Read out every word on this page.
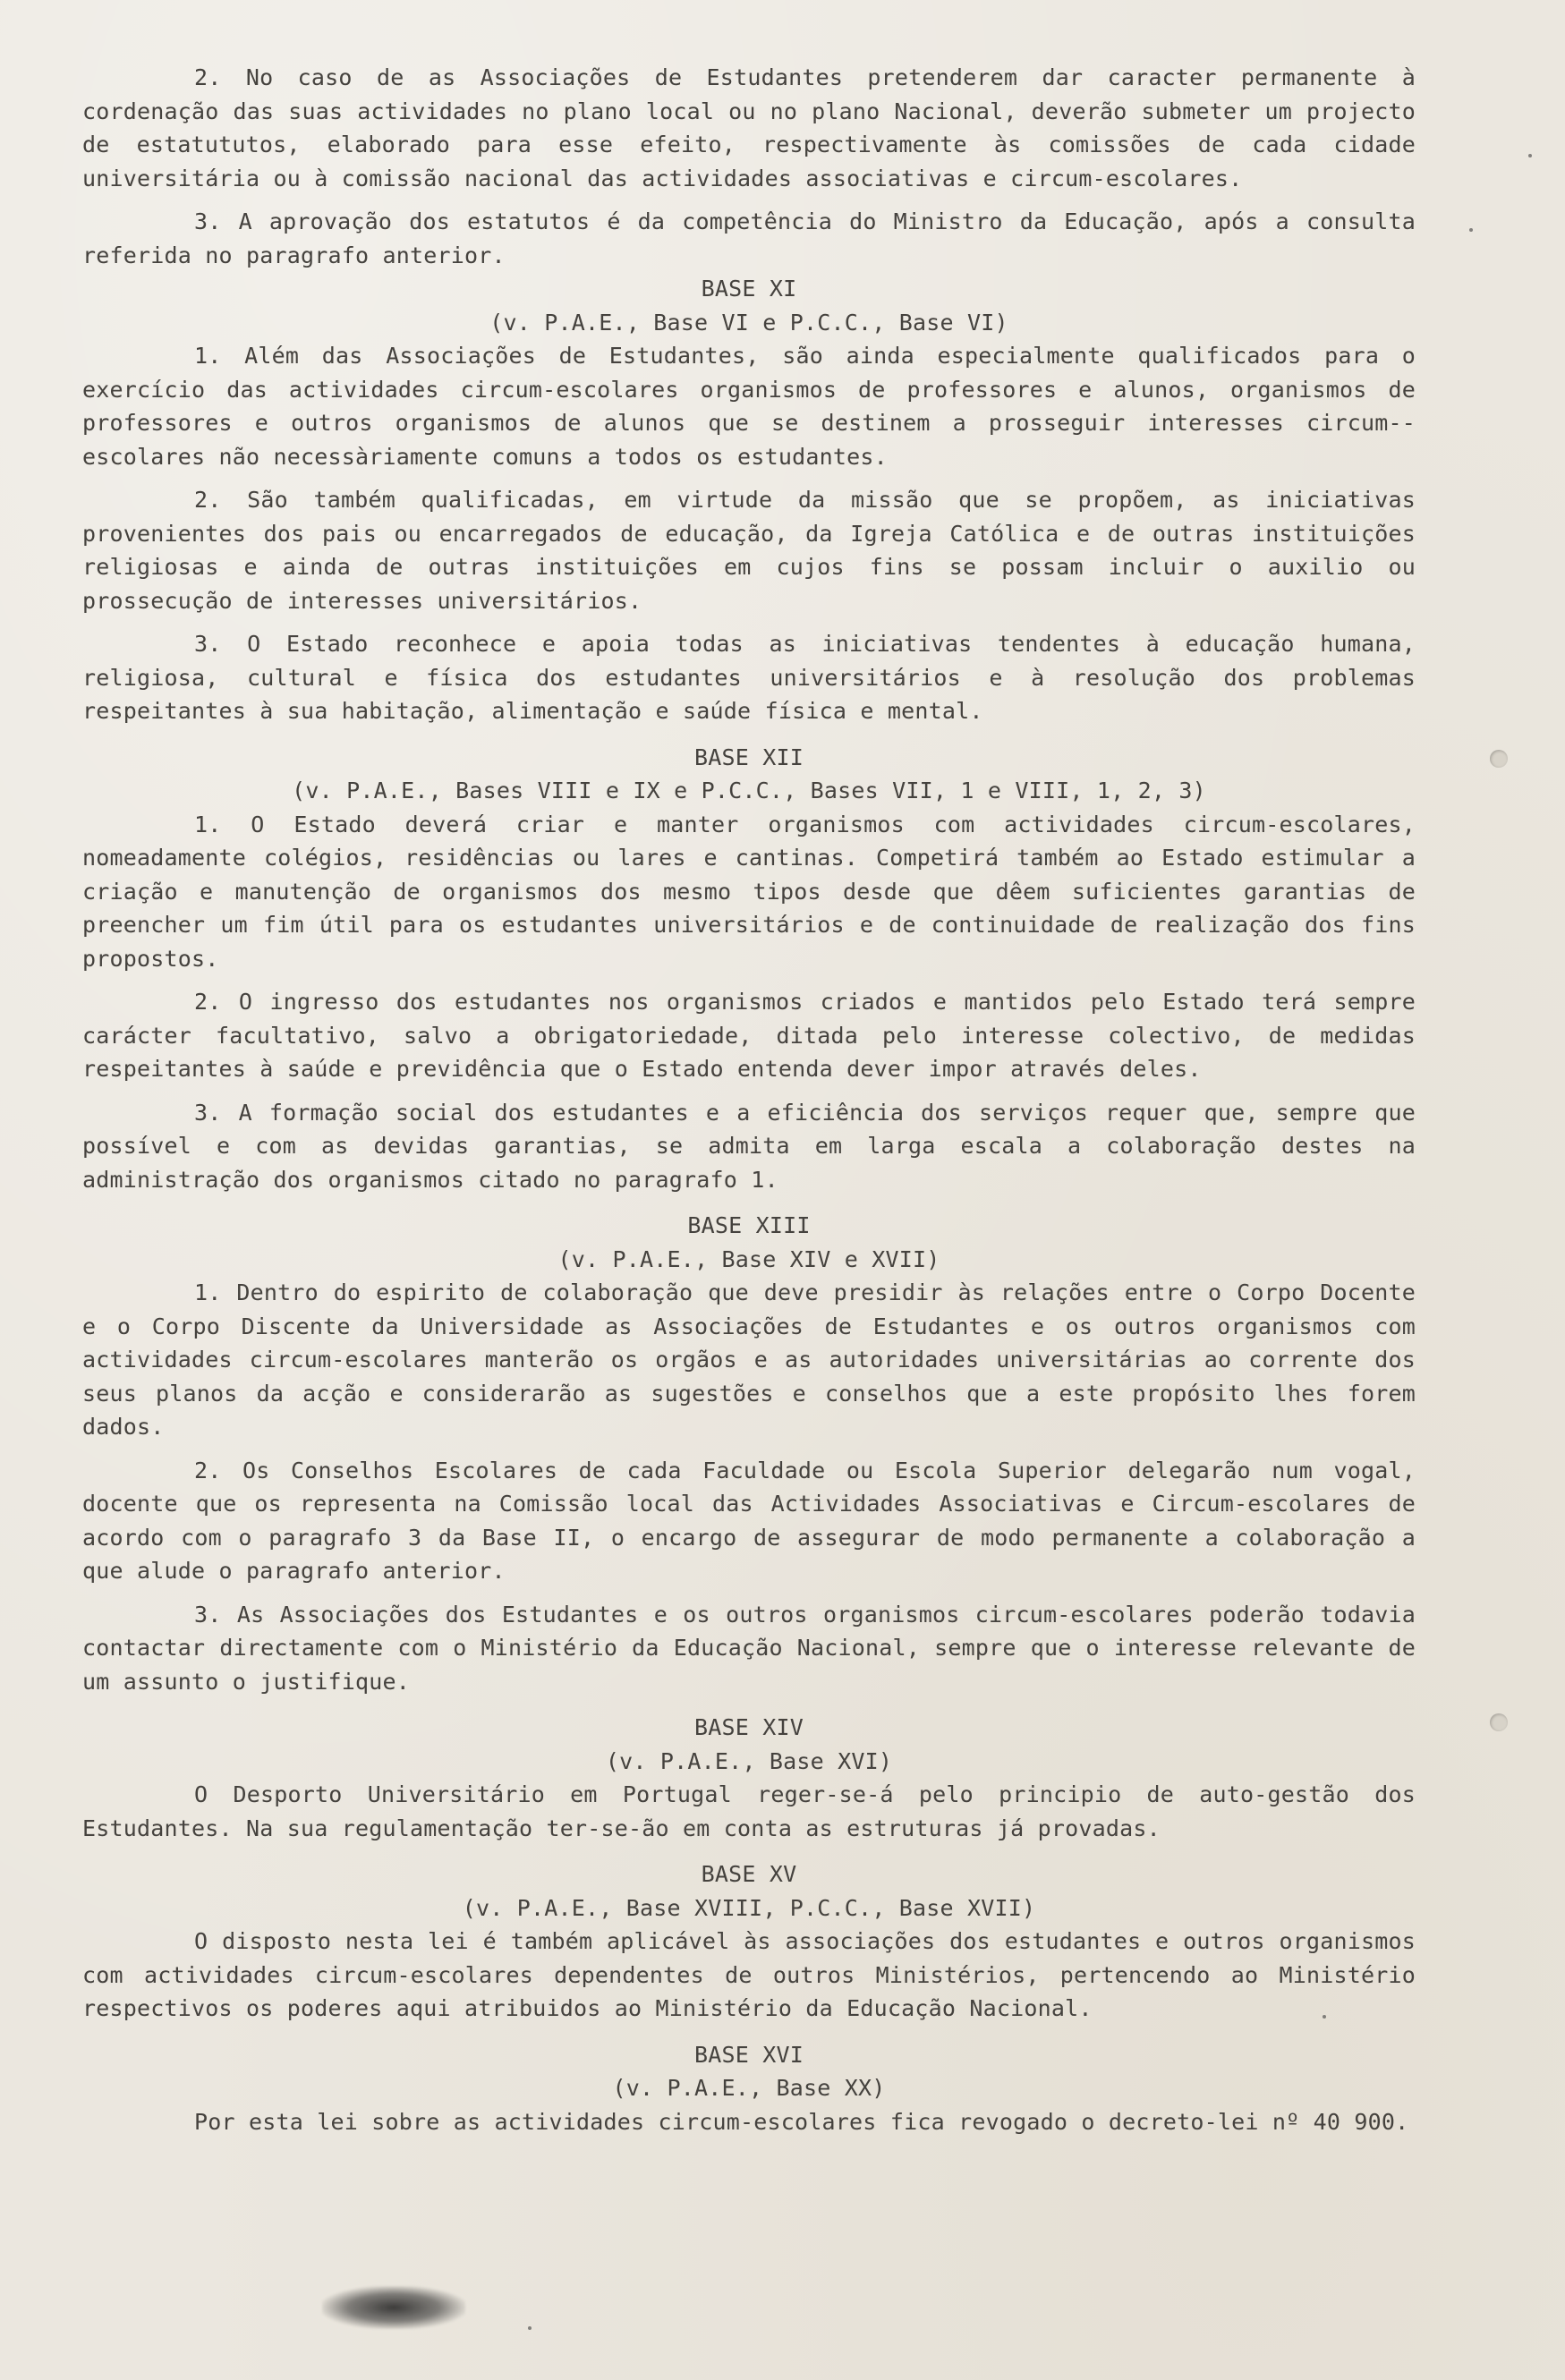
2. No caso de as Associações de Estudantes pretenderem dar caracter permanente à cordenação das suas actividades no plano local ou no plano Nacional, deverão submeter um projecto de estatututos, elaborado para esse efeito, respectivamente às comissões de cada cidade universitária ou à comissão nacional das actividades associativas e circum-escolares.

3. A aprovação dos estatutos é da competência do Ministro da Educação, após a consulta referida no paragrafo anterior.

BASE XI

(v. P.A.E., Base VI e P.C.C., Base VI)

1. Além das Associações de Estudantes, são ainda especialmente qualificados para o exercício das actividades circum-escolares organismos de professores e alunos, organismos de professores e outros organismos de alunos que se destinem a prosseguir interesses circum--escolares não necessàriamente comuns a todos os estudantes.

2. São também qualificadas, em virtude da missão que se propõem, as iniciativas provenientes dos pais ou encarregados de educação, da Igreja Católica e de outras instituições religiosas e ainda de outras instituições em cujos fins se possam incluir o auxilio ou prossecução de interesses universitários.

3. O Estado reconhece e apoia todas as iniciativas tendentes à educação humana, religiosa, cultural e física dos estudantes universitários e à resolução dos problemas respeitantes à sua habitação, alimentação e saúde física e mental.

BASE XII

(v. P.A.E., Bases VIII e IX e P.C.C., Bases VII, 1 e VIII, 1, 2, 3)

1. O Estado deverá criar e manter organismos com actividades circum-escolares, nomeadamente colégios, residências ou lares e cantinas. Competirá também ao Estado estimular a criação e manutenção de organismos dos mesmo tipos desde que dêem suficientes garantias de preencher um fim útil para os estudantes universitários e de continuidade de realização dos fins propostos.

2. O ingresso dos estudantes nos organismos criados e mantidos pelo Estado terá sempre carácter facultativo, salvo a obrigatoriedade, ditada pelo interesse colectivo, de medidas respeitantes à saúde e previdência que o Estado entenda dever impor através deles.

3. A formação social dos estudantes e a eficiência dos serviços requer que, sempre que possível e com as devidas garantias, se admita em larga escala a colaboração destes na administração dos organismos citado no paragrafo 1.

BASE XIII

(v. P.A.E., Base XIV e XVII)

1. Dentro do espirito de colaboração que deve presidir às relações entre o Corpo Docente e o Corpo Discente da Universidade as Associações de Estudantes e os outros organismos com actividades circum-escolares manterão os orgãos e as autoridades universitárias ao corrente dos seus planos da acção e considerarão as sugestões e conselhos que a este propósito lhes forem dados.

2. Os Conselhos Escolares de cada Faculdade ou Escola Superior delegarão num vogal, docente que os representa na Comissão local das Actividades Associativas e Circum-escolares de acordo com o paragrafo 3 da Base II, o encargo de assegurar de modo permanente a colaboração a que alude o paragrafo anterior.

3. As Associações dos Estudantes e os outros organismos circum-escolares poderão todavia contactar directamente com o Ministério da Educação Nacional, sempre que o interesse relevante de um assunto o justifique.

BASE XIV

(v. P.A.E., Base XVI)

O Desporto Universitário em Portugal reger-se-á pelo principio de auto-gestão dos Estudantes. Na sua regulamentação ter-se-ão em conta as estruturas já provadas.

BASE XV

(v. P.A.E., Base XVIII, P.C.C., Base XVII)

O disposto nesta lei é também aplicável às associações dos estudantes e outros organismos com actividades circum-escolares dependentes de outros Ministérios, pertencendo ao Ministério respectivos os poderes aqui atribuidos ao Ministério da Educação Nacional.

BASE XVI

(v. P.A.E., Base XX)

Por esta lei sobre as actividades circum-escolares fica revogado o decreto-lei nº 40 900.
